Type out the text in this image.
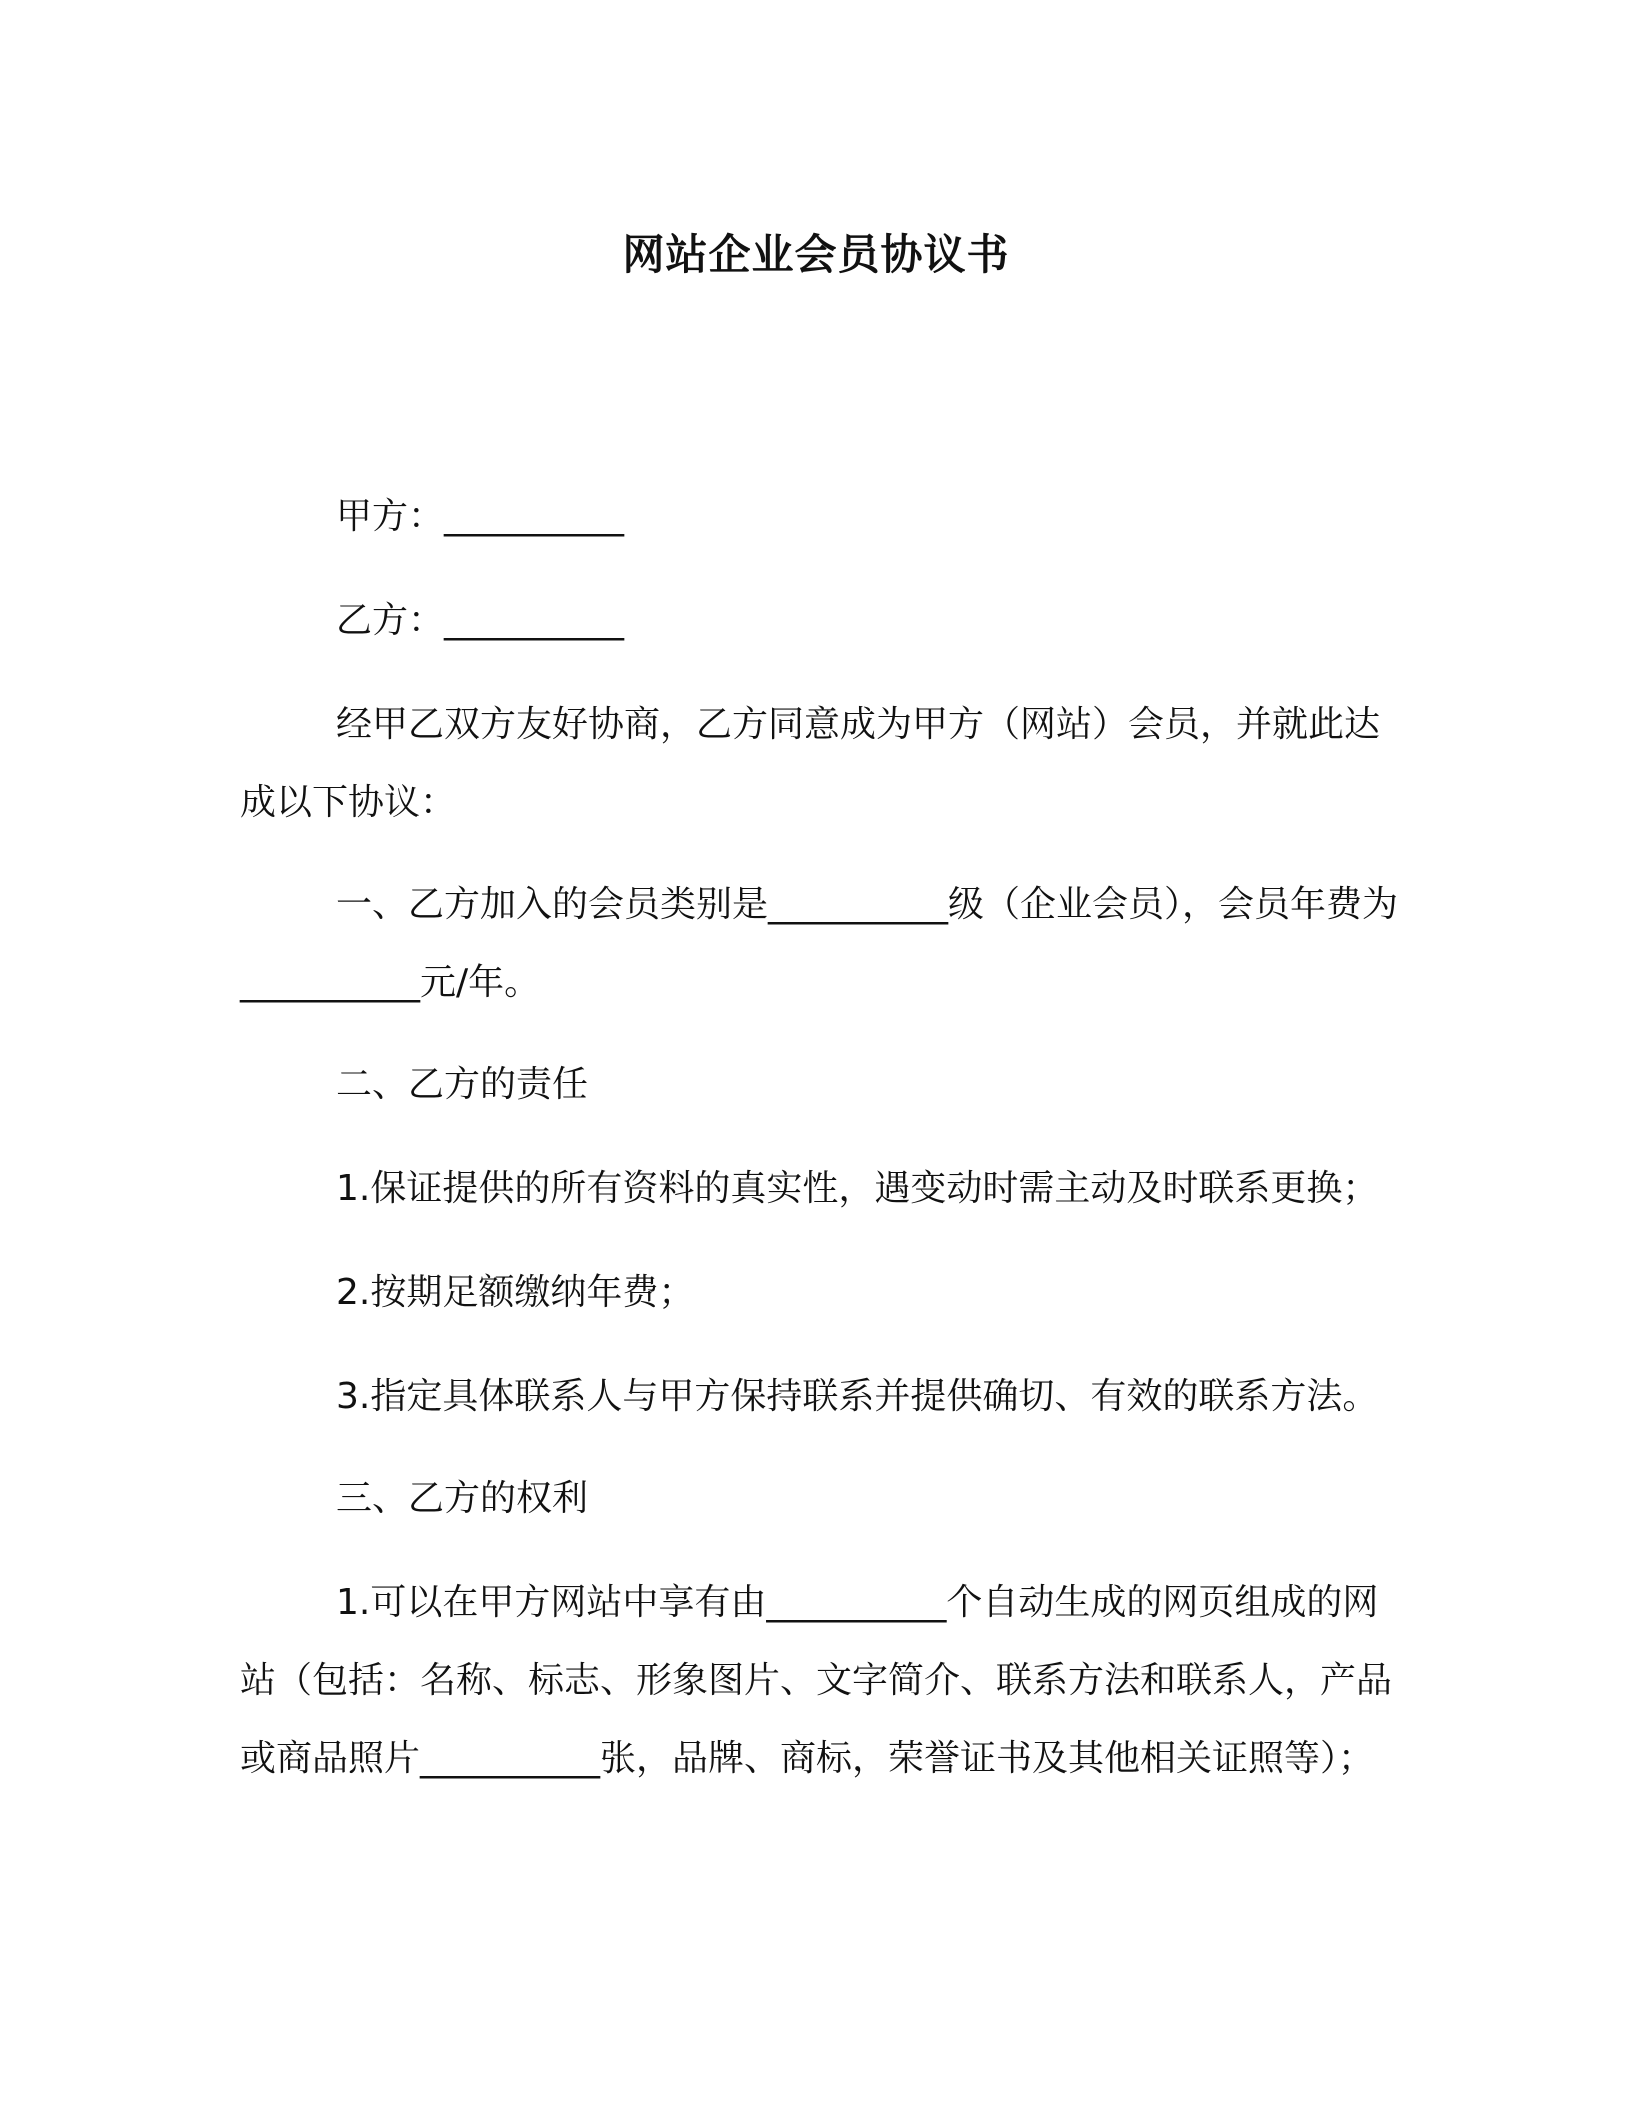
网站企业会员协议书
甲方：__________
乙方：__________
经甲乙双方友好协商，乙方同意成为甲方（网站）会员，并就此达成以下协议：
一、乙方加入的会员类别是__________级（企业会员），会员年费为__________元/年。
二、乙方的责任
1.保证提供的所有资料的真实性，遇变动时需主动及时联系更换；
2.按期足额缴纳年费；
3.指定具体联系人与甲方保持联系并提供确切、有效的联系方法。
三、乙方的权利
1.可以在甲方网站中享有由__________个自动生成的网页组成的网站（包括：名称、标志、形象图片、文字简介、联系方法和联系人，产品或商品照片__________张，品牌、商标，荣誉证书及其他相关证照等）；
